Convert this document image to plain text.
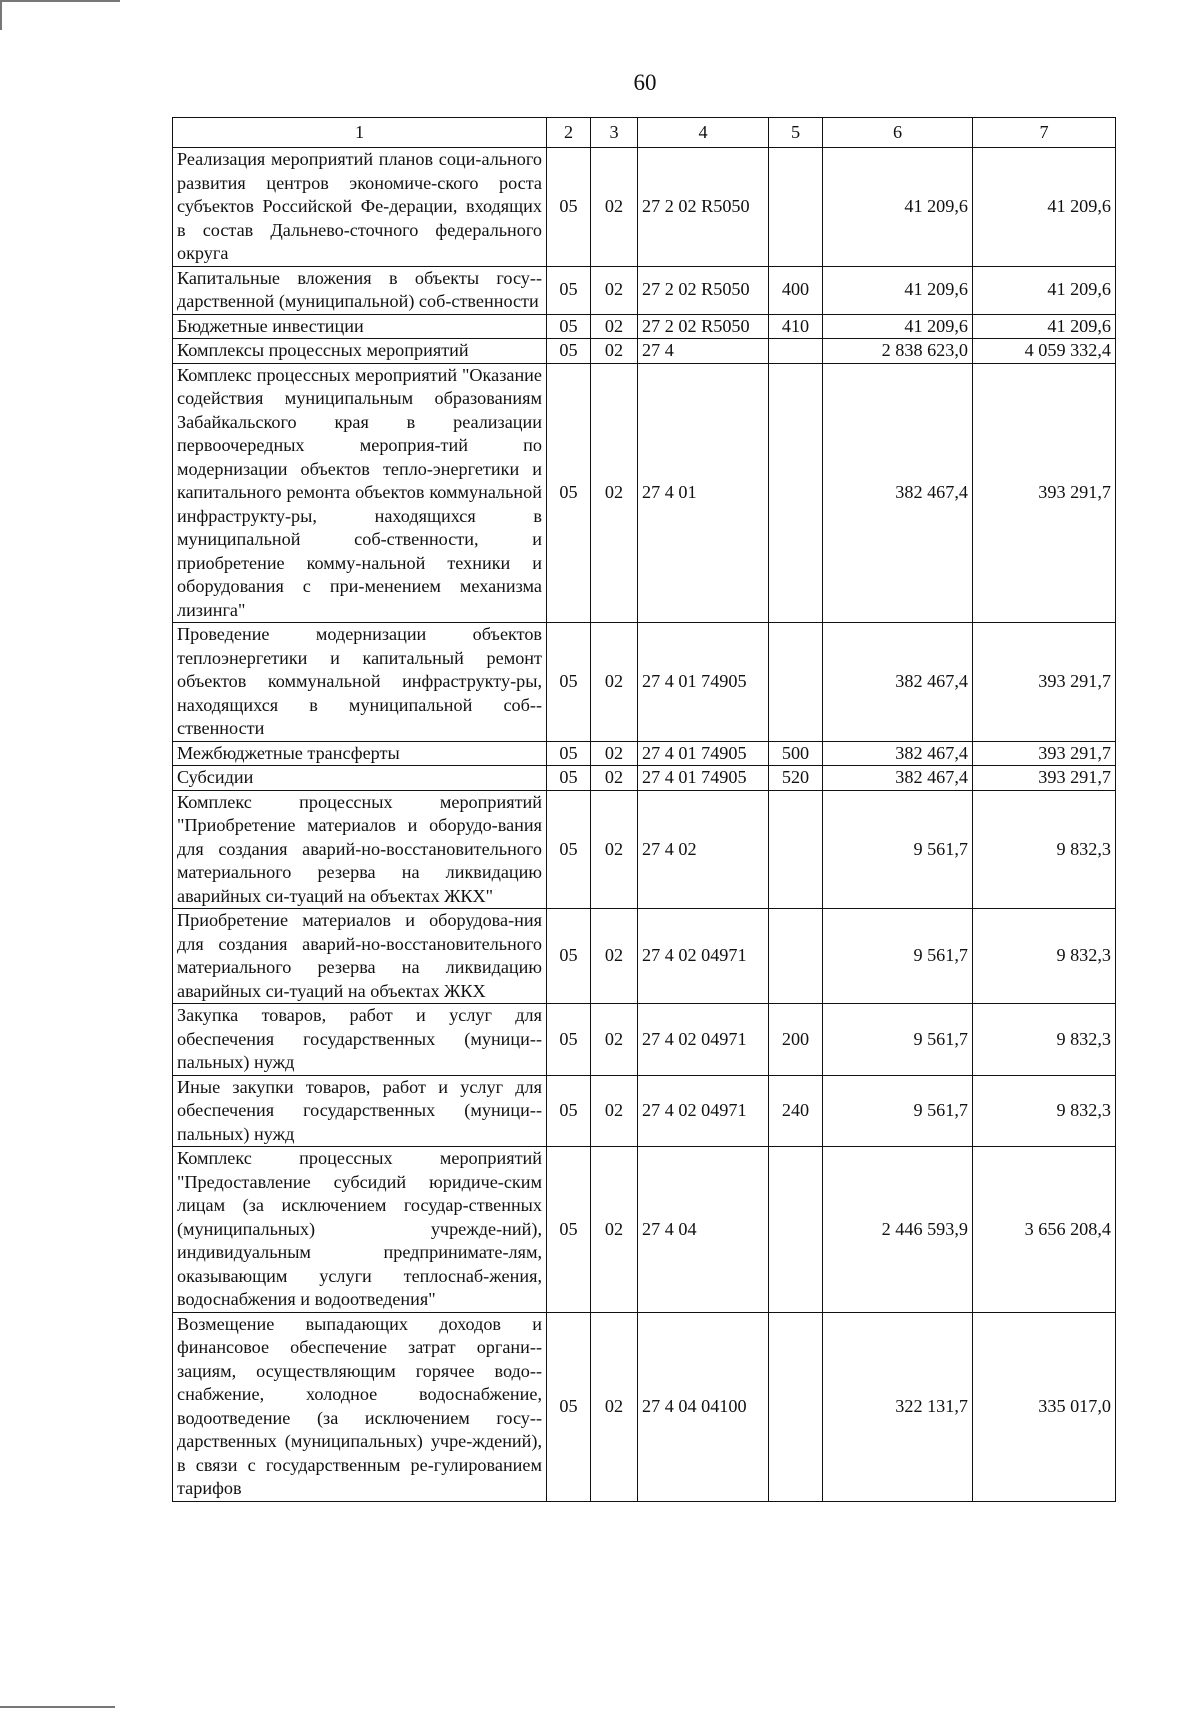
60
1	2	3	4	5	6	7
Реализация мероприятий планов соци-ального развития центров экономиче-ского роста субъектов Российской Фе-дерации, входящих в состав Дальнево-сточного федерального округа	05	02	27 2 02 R5050		41 209,6	41 209,6
Капитальные вложения в объекты госу-дарственной (муниципальной) соб-ственности	05	02	27 2 02 R5050	400	41 209,6	41 209,6
Бюджетные инвестиции	05	02	27 2 02 R5050	410	41 209,6	41 209,6
Комплексы процессных мероприятий	05	02	27 4		2 838 623,0	4 059 332,4
Комплекс процессных мероприятий "Оказание содействия муниципальным образованиям Забайкальского края в реализации первоочередных мероприя-тий по модернизации объектов тепло-энергетики и капитального ремонта объектов коммунальной инфраструкту-ры, находящихся в муниципальной соб-ственности, и приобретение комму-нальной техники и оборудования с при-менением механизма лизинга"	05	02	27 4 01		382 467,4	393 291,7
Проведение модернизации объектов теплоэнергетики и капитальный ремонт объектов коммунальной инфраструкту-ры, находящихся в муниципальной соб-ственности	05	02	27 4 01 74905		382 467,4	393 291,7
Межбюджетные трансферты	05	02	27 4 01 74905	500	382 467,4	393 291,7
Субсидии	05	02	27 4 01 74905	520	382 467,4	393 291,7
Комплекс процессных мероприятий "Приобретение материалов и оборудо-вания для создания аварий-но-восстановительного материального резерва на ликвидацию аварийных си-туаций на объектах ЖКХ"	05	02	27 4 02		9 561,7	9 832,3
Приобретение материалов и оборудова-ния для создания аварий-но-восстановительного материального резерва на ликвидацию аварийных си-туаций на объектах ЖКХ	05	02	27 4 02 04971		9 561,7	9 832,3
Закупка товаров, работ и услуг для обеспечения государственных (муници-пальных) нужд	05	02	27 4 02 04971	200	9 561,7	9 832,3
Иные закупки товаров, работ и услуг для обеспечения государственных (муници-пальных) нужд	05	02	27 4 02 04971	240	9 561,7	9 832,3
Комплекс процессных мероприятий "Предоставление субсидий юридиче-ским лицам (за исключением государ-ственных (муниципальных) учрежде-ний), индивидуальным предпринимате-лям, оказывающим услуги теплоснаб-жения, водоснабжения и водоотведения"	05	02	27 4 04		2 446 593,9	3 656 208,4
Возмещение выпадающих доходов и финансовое обеспечение затрат органи-зациям, осуществляющим горячее водо-снабжение, холодное водоснабжение, водоотведение (за исключением госу-дарственных (муниципальных) учре-ждений), в связи с государственным ре-гулированием тарифов	05	02	27 4 04 04100		322 131,7	335 017,0
